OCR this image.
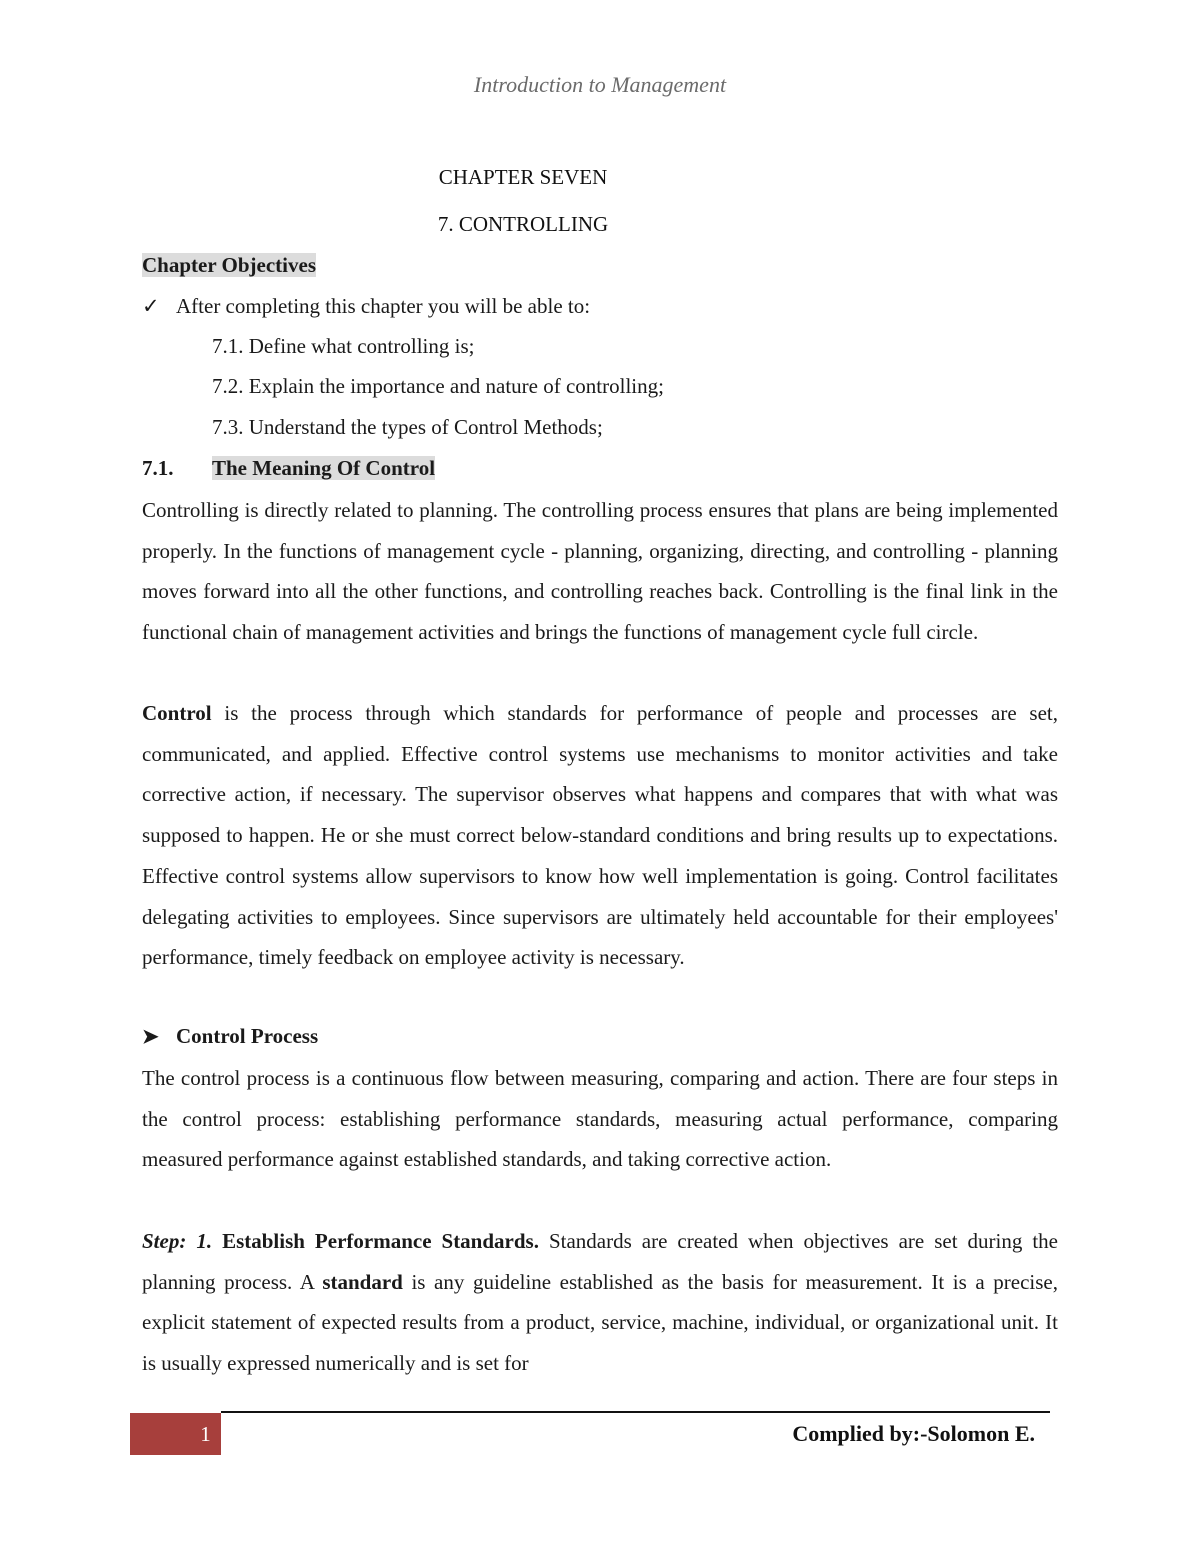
Introduction to Management
CHAPTER SEVEN
7. CONTROLLING
Chapter Objectives
✓ After completing this chapter you will be able to:
7.1. Define what controlling is;
7.2. Explain the importance and nature of controlling;
7.3. Understand the types of Control Methods;
7.1. The Meaning Of Control
Controlling is directly related to planning. The controlling process ensures that plans are being implemented properly. In the functions of management cycle - planning, organizing, directing, and controlling - planning moves forward into all the other functions, and controlling reaches back. Controlling is the final link in the functional chain of management activities and brings the functions of management cycle full circle.
Control is the process through which standards for performance of people and processes are set, communicated, and applied. Effective control systems use mechanisms to monitor activities and take corrective action, if necessary. The supervisor observes what happens and compares that with what was supposed to happen. He or she must correct below-standard conditions and bring results up to expectations. Effective control systems allow supervisors to know how well implementation is going. Control facilitates delegating activities to employees. Since supervisors are ultimately held accountable for their employees' performance, timely feedback on employee activity is necessary.
➤ Control Process
The control process is a continuous flow between measuring, comparing and action. There are four steps in the control process: establishing performance standards, measuring actual performance, comparing measured performance against established standards, and taking corrective action.
Step: 1. Establish Performance Standards. Standards are created when objectives are set during the planning process. A standard is any guideline established as the basis for measurement. It is a precise, explicit statement of expected results from a product, service, machine, individual, or organizational unit. It is usually expressed numerically and is set for
1	Complied by:-Solomon E.
